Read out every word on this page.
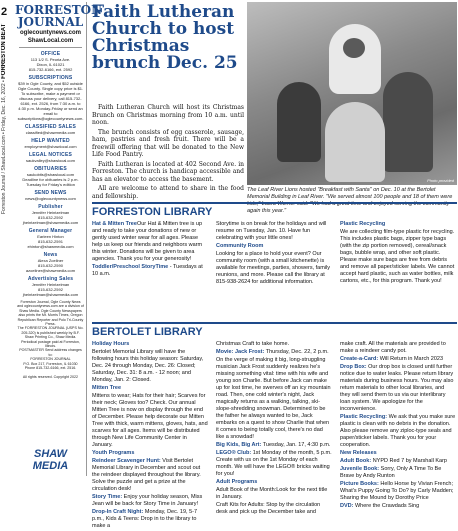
2
Forreston Journal / ShawLocal.com • Friday, Dec. 16, 2022 • FORRESTON BEAT
FORRESTON JOURNAL
oglecountynews.com
ShawLocal.com
OFFICE
113 1/2 S. Peoria Ave.
Dixon, IL 61021
815-732-6166, ext. 2592
SUBSCRIPTIONS
$39 in Ogle County, and $52 outside Ogle County. Single copy price is $1.
To subscribe, make a payment or discuss your delivery, call 815-732-6166, ext. 2526, from 7:30 a.m. to 4:30 p.m. Monday-Friday or send an email to subscriptions@oglecountynews.com.
CLASSIFIED SALES
classified@shawmedia.com
HELP WANTED
employment@shawlocal.com
LEGAL NOTICES
saukvalley@shawlocal.com
OBITUARIES
saukobits@shawlocal.com
Deadline for obituaries is 2 p.m. Tuesday for Friday's edition
SEND NEWS
news@oglecountynews.com
Publisher
Jennifer Heintzelman
815-632-2592
jheintzelman@shawmedia.com
General Manager
Earleen Hinton
815-632-2591
ehinton@shawmedia.com
News
Alexa Zoellner
815-632-2590
azoellner@shawmedia.com
Advertising Sales
Jennifer Heintzelman
815-632-2592
jheintzelman@shawmedia.com
Forreston Journal, Ogle County News and oglecountynews.com are a division of Shaw Media. Ogle County Newspapers also prints the Mt. Morris Times, Oregon Republican Reporter and Polo Tri-County Press.
The FORRESTON JOURNAL (USPS No. 205-320) is published weekly by B.F. Shaw Printing Co., Shaw Media.
Periodical postage paid at Forreston, Illinois.
POSTMASTER Send address changes to:
FORRESTON JOURNAL
P.O. Box 217, Forreston, IL 61030
Phone 815-732-6166, ext. 2516.

All rights reserved. Copyright 2022
SHAW MEDIA
Faith Lutheran Church to host Christmas brunch Dec. 25

Faith Lutheran Church will host its Christmas Brunch on Christmas morning from 10 a.m. until noon.

The brunch consists of egg casserole, sausage, ham, pastries and fresh fruit. There will be a freewill offering that will be donated to the New Life Food Pantry.

Faith Lutheran is located at 402 Second Ave. in Forreston. The church is handicap accessible and has an elevator to access the basement.

All are welcome to attend to share in the food and fellowship.

Photo provided
The Leaf River Lions hosted "Breakfast with Santa" on Dec. 10 at the Bertolet Memorial Building in Leaf River. "We served almost 100 people and 18 of them were kids," Laura Werner said. "We had a great time and enjoyed serving the community again this year."
FORRESTON LIBRARY

Hat & Mitten TreeOur Hat & Mitten tree is up and ready to take your donations of new or gently used winter wear for all ages. Please help us keep our friends and neighbors warm this winter. Donations will be given to area agencies. Thank you for your generosity!

Toddler/Preschool StoryTime - Tuesdays at 10 a.m.

Storytime is on break for the holidays and will resume on Tuesday, Jan. 10. Have fun celebrating with your little ones!

Community Room

Looking for a place to hold your event? Our community room (with a small kitchenette) is available for meetings, parties, showers, family reunions, and more. Please call the library at 815-938-2624 for additional information.

Plastic Recycling

We are collecting film-type plastic for recycling. This includes plastic bags, zipper type bags (with the zip portion removed), cereal/snack bags, bubble wrap, and other soft plastic. Please make sure bags are free from debris and remove all paper/sticker labels. We cannot accept hard plastic, such as water bottles, milk cartons, etc., for this program. Thank you!

BERTOLET LIBRARY

Holiday Hours

Bertolet Memorial Library will have the following hours this holiday season: Saturday, Dec. 24 through Monday, Dec. 26: Closed; Saturday, Dec. 31: 8 a.m. - 12 noon; and Monday, Jan. 2: Closed.

Mitten Tree

Mittens to wear; Hats for their hair; Scarves for their neck; Gloves too? Check. Our annual Mitten Tree is now on display through the end of December. Please help decorate our Mitten Tree with thick, warm mittens, gloves, hats, and scarves for all ages. Items will be distributed through New Life Community Center in January.

Youth Programs

Reindeer Scavenger Hunt: Visit Bertolet Memorial Library in December and scout out the reindeer displayed throughout the library. Solve the puzzle and get a prize at the circulation desk!

Story Time: Enjoy your holiday season, Miss Jean will be back for Story Time in January!

Drop-In Craft Night: Monday, Dec. 19, 5-7 p.m., Kids & Teens: Drop in to the library to make a

Christmas Craft to take home.

Movie: Jack Frost: Thursday, Dec. 22, 2 p.m.

On the verge of making it big, long-struggling musician Jack Frost suddenly realizes he's missing something vital: time with his wife and young son Charlie. But before Jack can make up for lost time, he swerves off an icy mountain road. Then, one cold winter's night, Jack magically returns as a walking, talking, ski-slope-shredding snowman. Determined to be the father he always wanted to be, Jack embarks on a quest to show Charlie that when it comes to being totally cool, there's no dad like a snowdad!

Big Kids, Big Art: Tuesday, Jan. 17, 4:30 p.m.

LEGO® Club: 1st Monday of the month, 5 p.m. Create with us on the 1st Monday of each month. We will have the LEGO® bricks waiting for you!

Adult Programs

Adult Book of the Month:Look for the next title in January.

Craft Kits for Adults: Stop by the circulation desk and pick up the December take and

make craft. All the materials are provided to make a reindeer candy pot.

Create-a-Card: Will Return in March 2023

Drop Box: Our drop box is closed until further notice due to water leaks. Please return library materials during business hours. You may also return materials to other local libraries, and they will send them to us via our interlibrary loan system. We apologize for the inconvenience.

Plastic Recycling: We ask that you make sure plastic is clean with no debris in the donation. Also please remove any ziploc-type seals and paper/sticker labels. Thank you for your cooperation.

New Releases

Adult Book: NYPD Red 7 by Marshall Karp

Juvenile Book: Sorry, Only A Time To Be Brave by Andy Runton

Picture Books: Hello Horse by Vivian French; What's Puppy Going To Do? by Carly Madden; Sharing the Mound by Dorothy Price

DVD: Where the Crawdads Sing
